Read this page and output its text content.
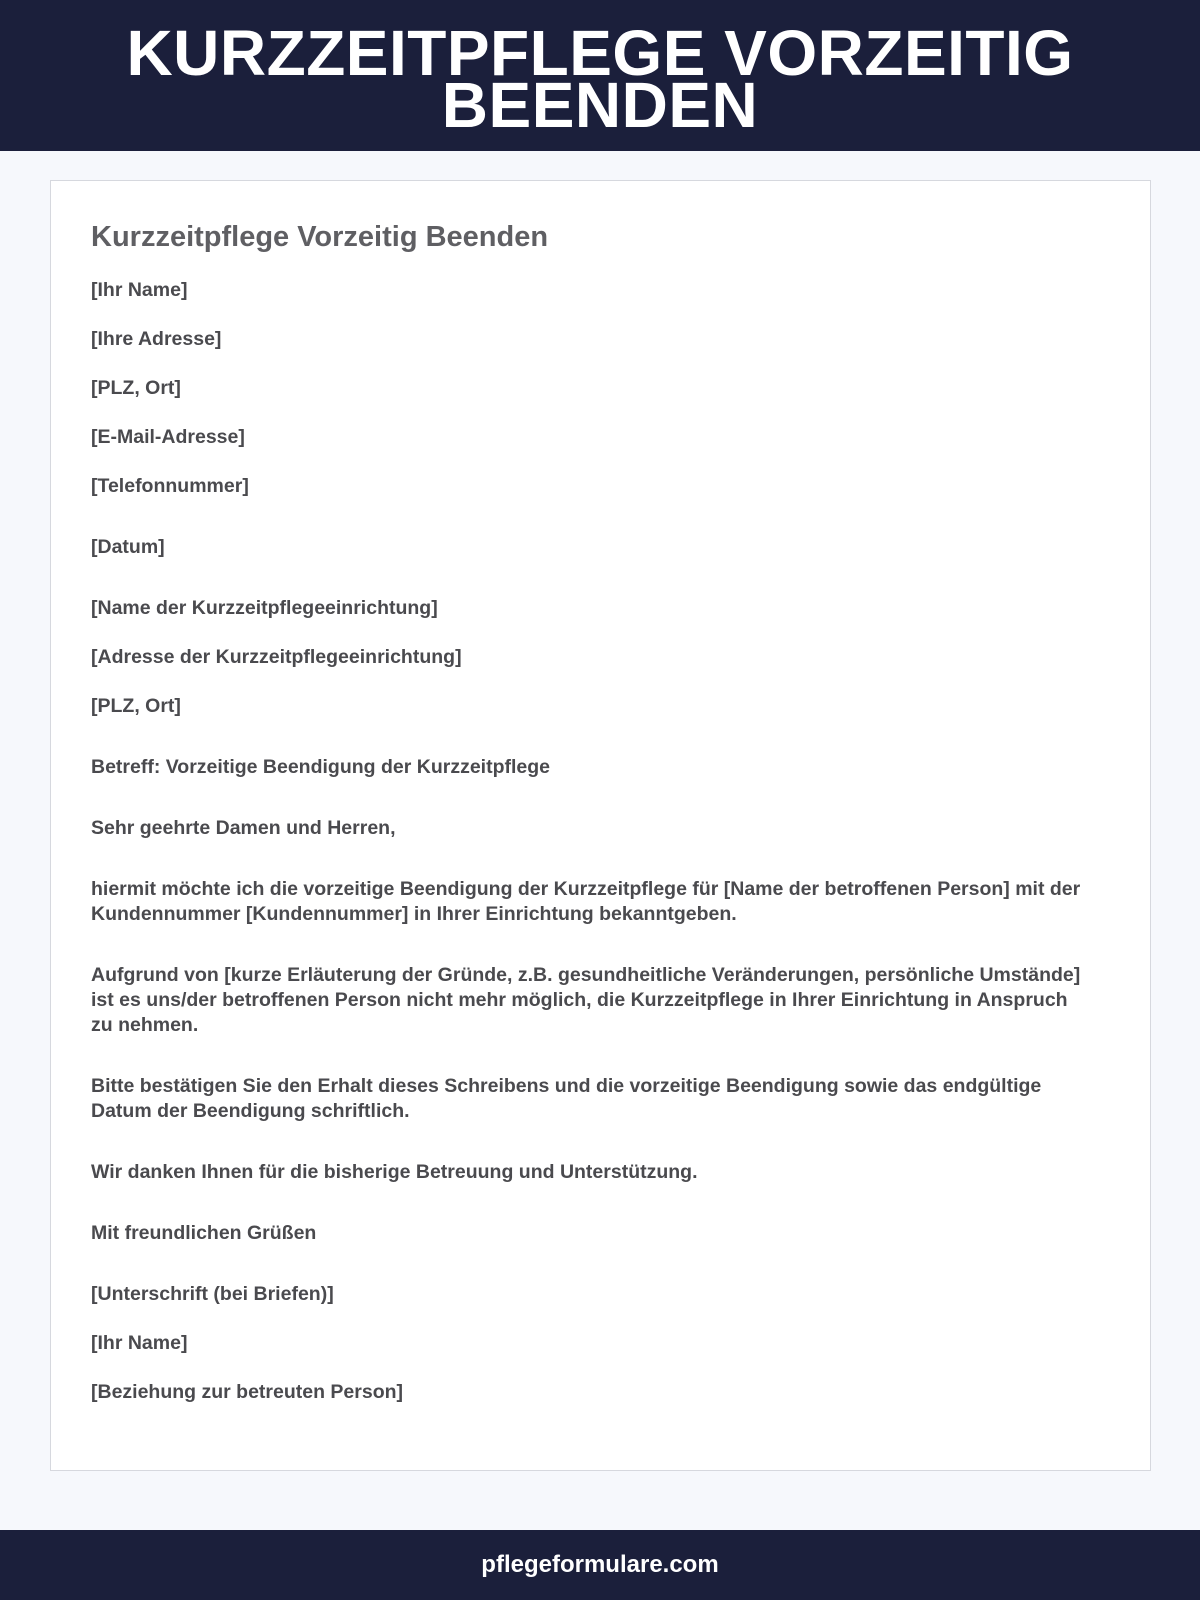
KURZZEITPFLEGE VORZEITIG BEENDEN
Kurzzeitpflege Vorzeitig Beenden
[Ihr Name]
[Ihre Adresse]
[PLZ, Ort]
[E-Mail-Adresse]
[Telefonnummer]
[Datum]
[Name der Kurzzeitpflegeeinrichtung]
[Adresse der Kurzzeitpflegeeinrichtung]
[PLZ, Ort]
Betreff: Vorzeitige Beendigung der Kurzzeitpflege
Sehr geehrte Damen und Herren,
hiermit möchte ich die vorzeitige Beendigung der Kurzzeitpflege für [Name der betroffenen Person] mit der Kundennummer [Kundennummer] in Ihrer Einrichtung bekanntgeben.
Aufgrund von [kurze Erläuterung der Gründe, z.B. gesundheitliche Veränderungen, persönliche Umstände] ist es uns/der betroffenen Person nicht mehr möglich, die Kurzzeitpflege in Ihrer Einrichtung in Anspruch zu nehmen.
Bitte bestätigen Sie den Erhalt dieses Schreibens und die vorzeitige Beendigung sowie das endgültige Datum der Beendigung schriftlich.
Wir danken Ihnen für die bisherige Betreuung und Unterstützung.
Mit freundlichen Grüßen
[Unterschrift (bei Briefen)]
[Ihr Name]
[Beziehung zur betreuten Person]
pflegeformulare.com
